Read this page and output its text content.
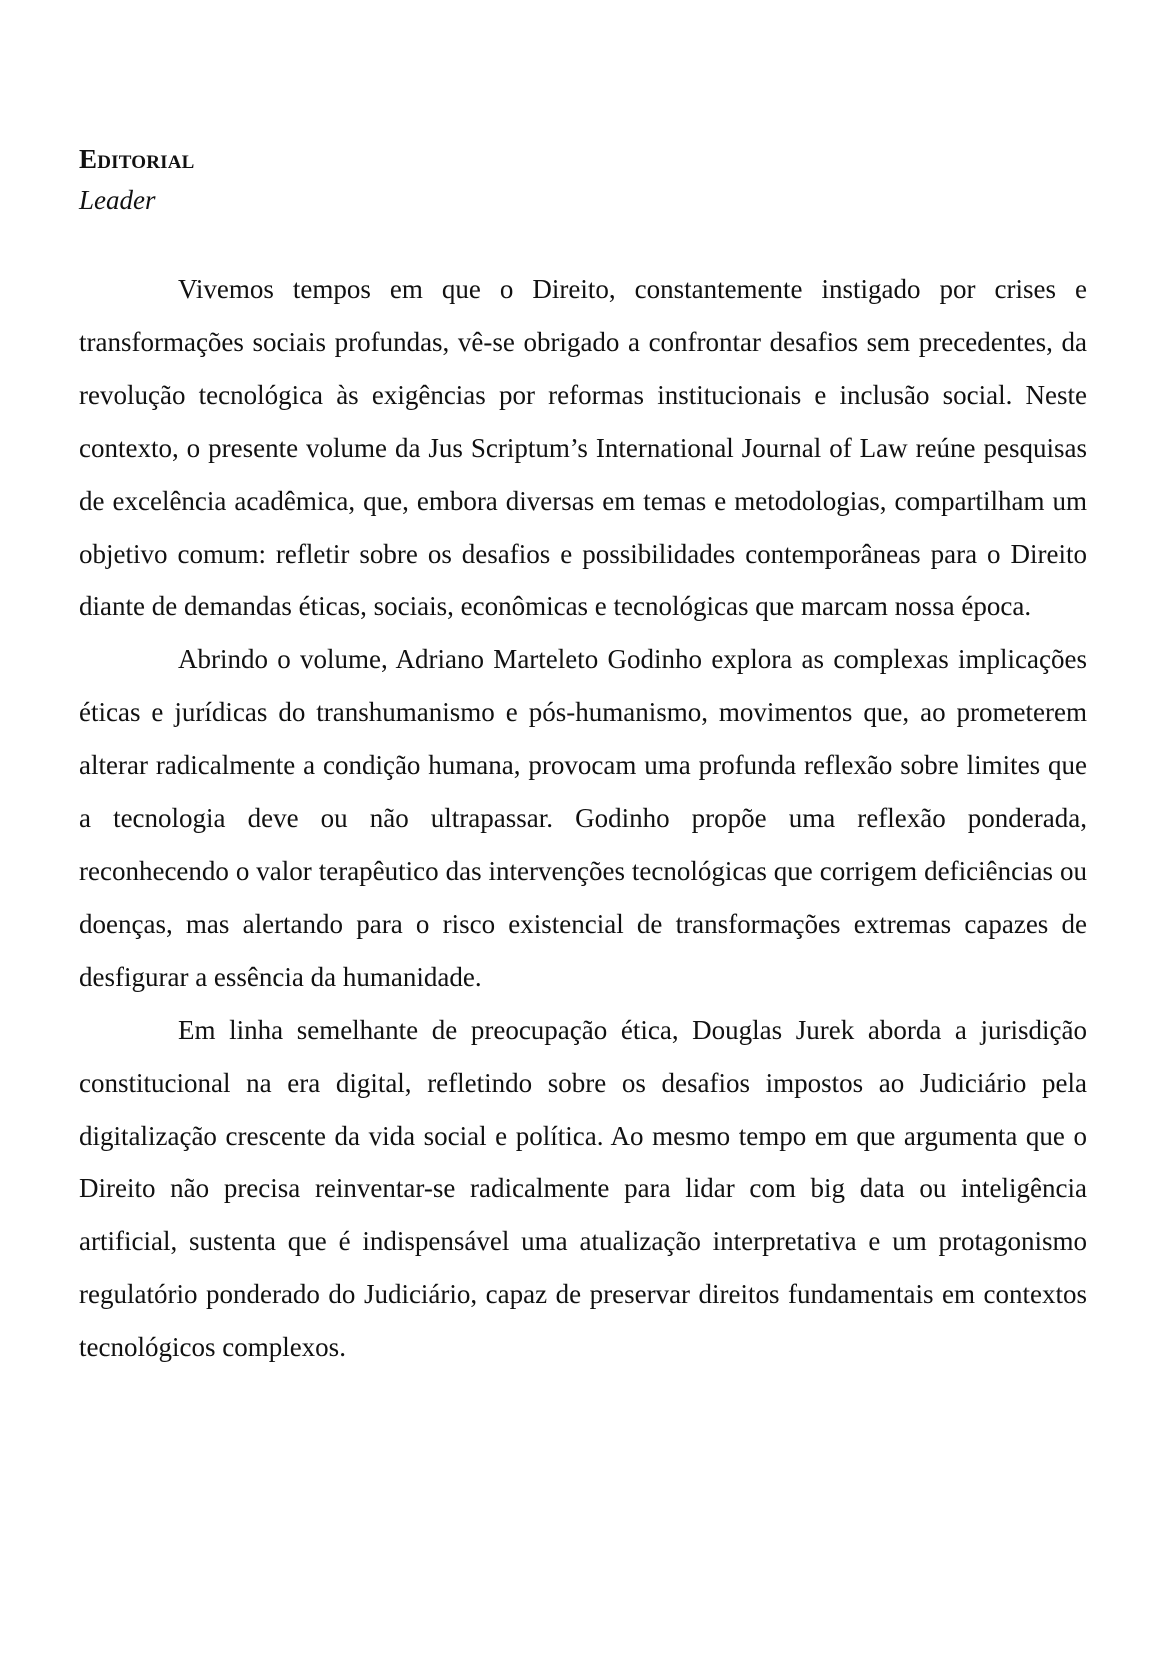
Editorial

Leader

Vivemos tempos em que o Direito, constantemente instigado por crises e transformações sociais profundas, vê-se obrigado a confrontar desafios sem precedentes, da revolução tecnológica às exigências por reformas institucionais e inclusão social. Neste contexto, o presente volume da Jus Scriptum’s International Journal of Law reúne pesquisas de excelência acadêmica, que, embora diversas em temas e metodologias, compartilham um objetivo comum: refletir sobre os desafios e possibilidades contemporâneas para o Direito diante de demandas éticas, sociais, econômicas e tecnológicas que marcam nossa época.

Abrindo o volume, Adriano Marteleto Godinho explora as complexas implicações éticas e jurídicas do transhumanismo e pós-humanismo, movimentos que, ao prometerem alterar radicalmente a condição humana, provocam uma profunda reflexão sobre limites que a tecnologia deve ou não ultrapassar. Godinho propõe uma reflexão ponderada, reconhecendo o valor terapêutico das intervenções tecnológicas que corrigem deficiências ou doenças, mas alertando para o risco existencial de transformações extremas capazes de desfigurar a essência da humanidade.

Em linha semelhante de preocupação ética, Douglas Jurek aborda a jurisdição constitucional na era digital, refletindo sobre os desafios impostos ao Judiciário pela digitalização crescente da vida social e política. Ao mesmo tempo em que argumenta que o Direito não precisa reinventar-se radicalmente para lidar com big data ou inteligência artificial, sustenta que é indispensável uma atualização interpretativa e um protagonismo regulatório ponderado do Judiciário, capaz de preservar direitos fundamentais em contextos tecnológicos complexos.
